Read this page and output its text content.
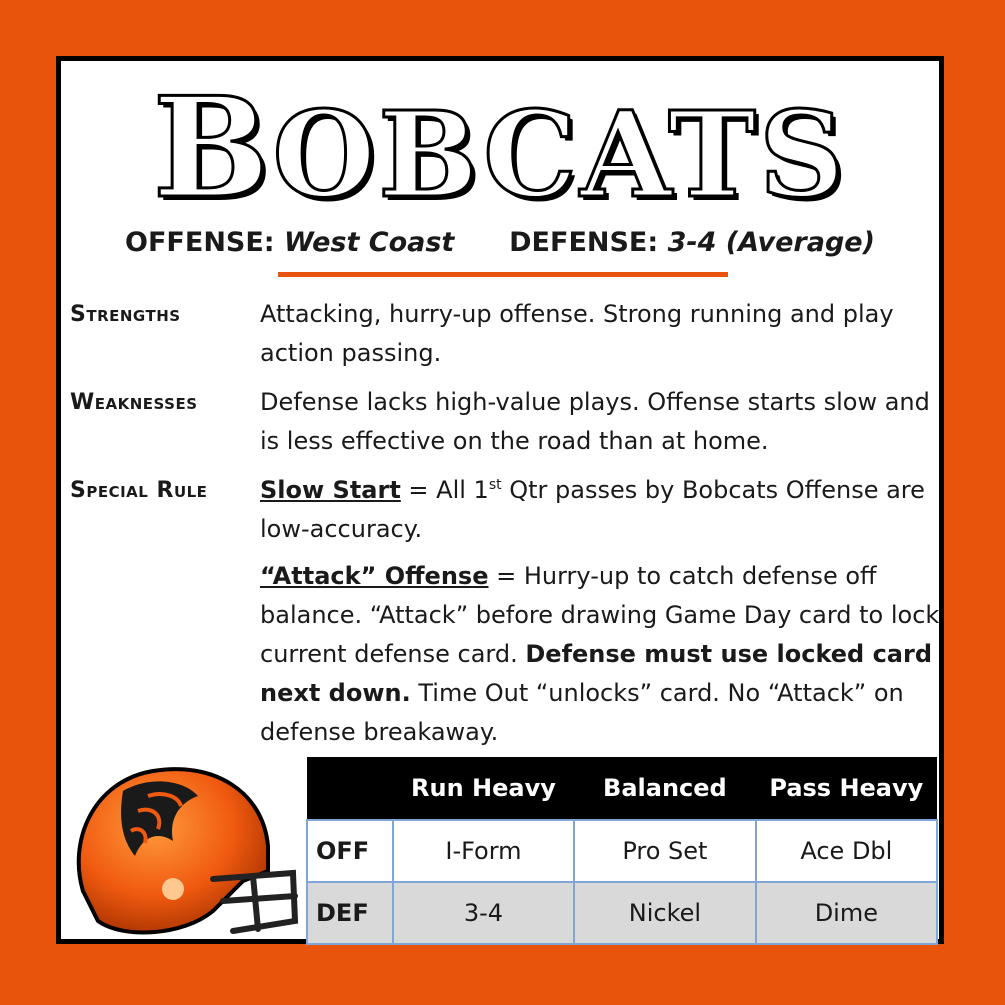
BOBCATS
OFFENSE: West Coast DEFENSE: 3-4 (Average)
Strengths	Attacking, hurry-up offense. Strong running and play action passing.
Weaknesses	Defense lacks high-value plays. Offense starts slow and is less effective on the road than at home.
Special Rule Slow Start = All 1st Qtr passes by Bobcats Offense are low-accuracy.
“Attack” Offense = Hurry-up to catch defense off balance. “Attack” before drawing Game Day card to lock current defense card. Defense must use locked card next down. Time Out “unlocks” card. No “Attack” on defense breakaway.
	Run Heavy	Balanced	Pass Heavy
OFF	I-Form	Pro Set	Ace Dbl
DEF	3-4	Nickel	Dime
